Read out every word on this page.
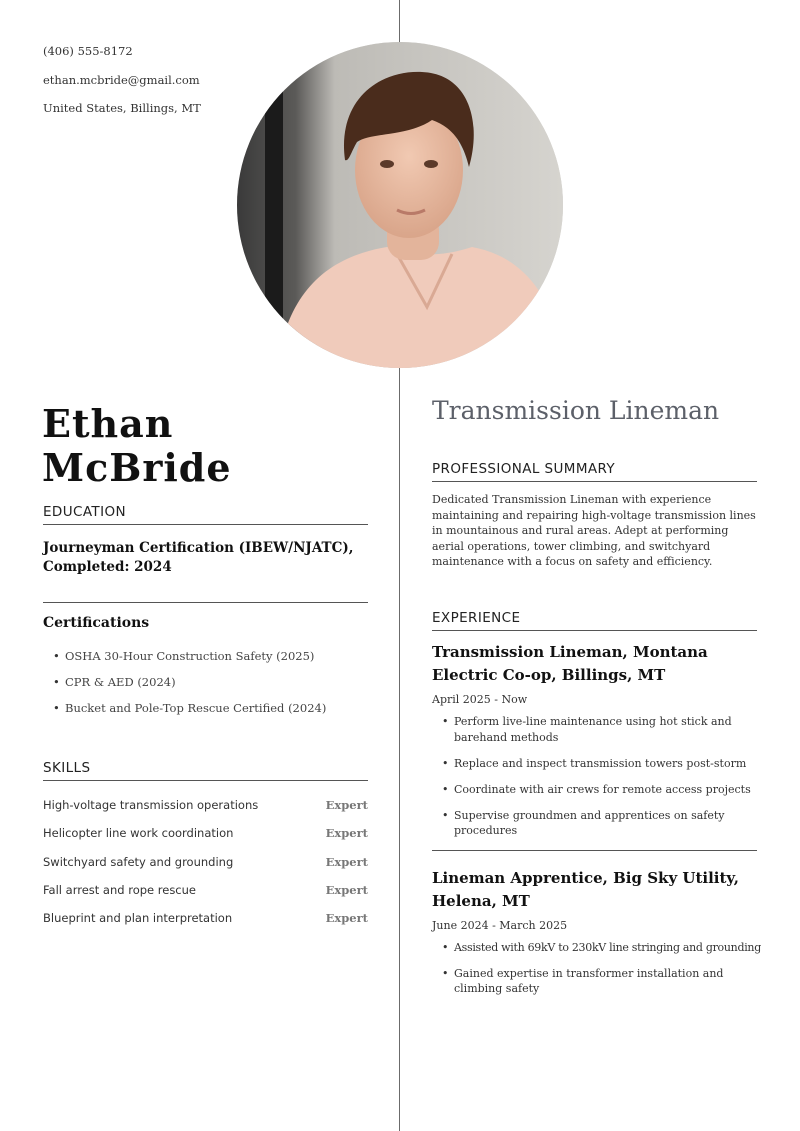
(406) 555-8172
ethan.mcbride@gmail.com
United States, Billings, MT
Ethan
McBride
EDUCATION
Journeyman Certification (IBEW/NJATC), Completed: 2024
Certifications
• OSHA 30-Hour Construction Safety (2025)
• CPR & AED (2024)
• Bucket and Pole-Top Rescue Certified (2024)
SKILLS
High-voltage transmission operations	Expert
Helicopter line work coordination	Expert
Switchyard safety and grounding	Expert
Fall arrest and rope rescue	Expert
Blueprint and plan interpretation	Expert
Transmission Lineman
PROFESSIONAL SUMMARY

Dedicated Transmission Lineman with experience maintaining and repairing high-voltage transmission lines in mountainous and rural areas. Adept at performing aerial operations, tower climbing, and switchyard maintenance with a focus on safety and efficiency.

EXPERIENCE
Transmission Lineman, Montana Electric Co-op, Billings, MT
April 2025 - Now
• Perform live-line maintenance using hot stick and barehand methods
• Replace and inspect transmission towers post-storm
• Coordinate with air crews for remote access projects
• Supervise groundmen and apprentices on safety procedures
Lineman Apprentice, Big Sky Utility, Helena, MT
June 2024 - March 2025
• Assisted with 69kV to 230kV line stringing and grounding
• Gained expertise in transformer installation and climbing safety
